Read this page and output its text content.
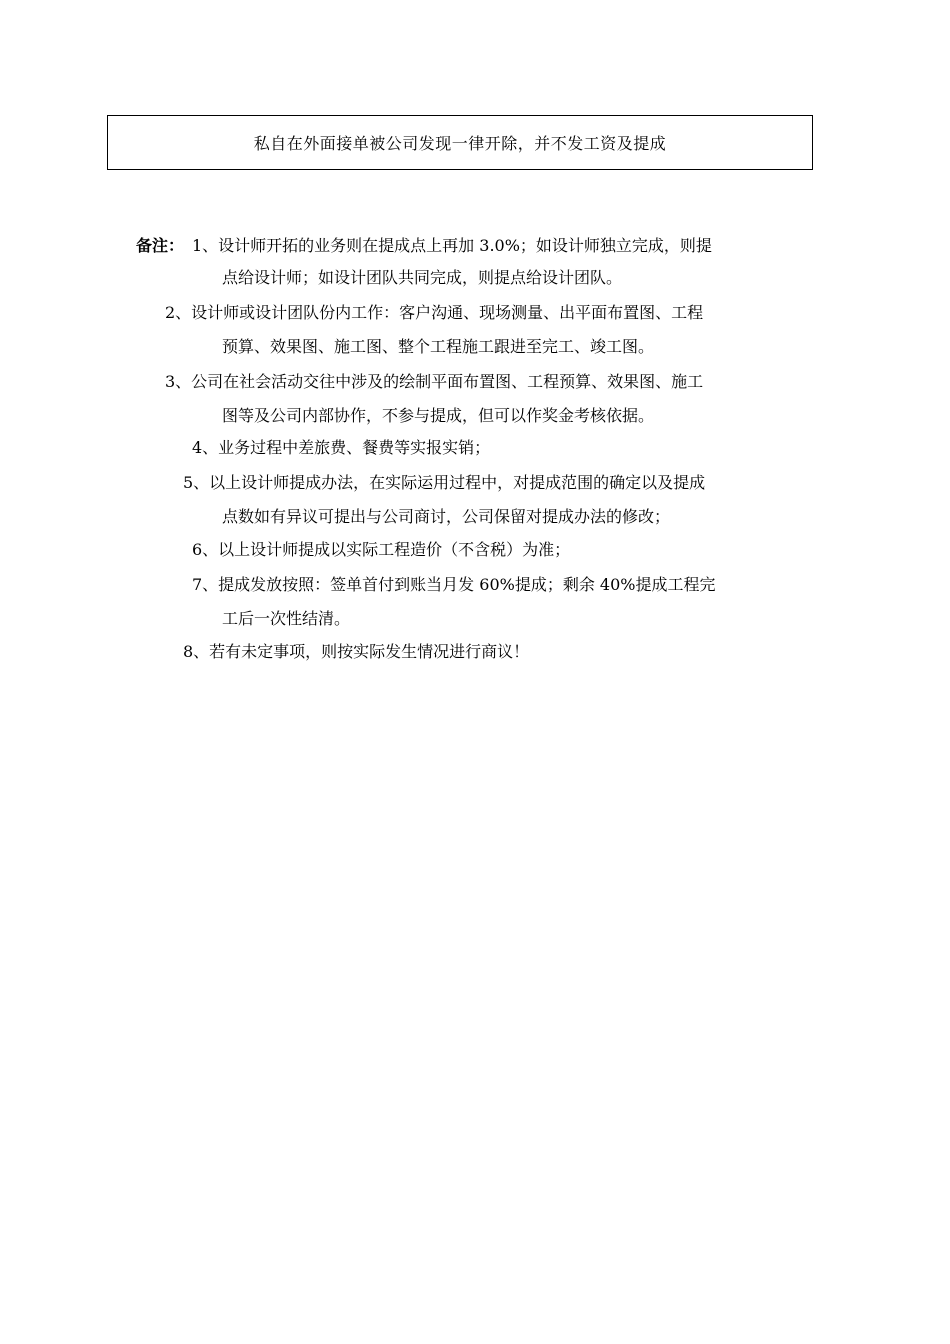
私自在外面接单被公司发现一律开除，并不发工资及提成
备注： 1、设计师开拓的业务则在提成点上再加 3.0%；如设计师独立完成，则提
点给设计师；如设计团队共同完成，则提点给设计团队。
2、设计师或设计团队份内工作：客户沟通、现场测量、出平面布置图、工程
预算、效果图、施工图、整个工程施工跟进至完工、竣工图。
3、公司在社会活动交往中涉及的绘制平面布置图、工程预算、效果图、施工
图等及公司内部协作，不参与提成，但可以作奖金考核依据。
4、业务过程中差旅费、餐费等实报实销；
5、以上设计师提成办法，在实际运用过程中，对提成范围的确定以及提成
点数如有异议可提出与公司商讨，公司保留对提成办法的修改；
6、以上设计师提成以实际工程造价（不含税）为准；
7、提成发放按照：签单首付到账当月发 60%提成；剩余 40%提成工程完
工后一次性结清。
8、若有未定事项，则按实际发生情况进行商议！
